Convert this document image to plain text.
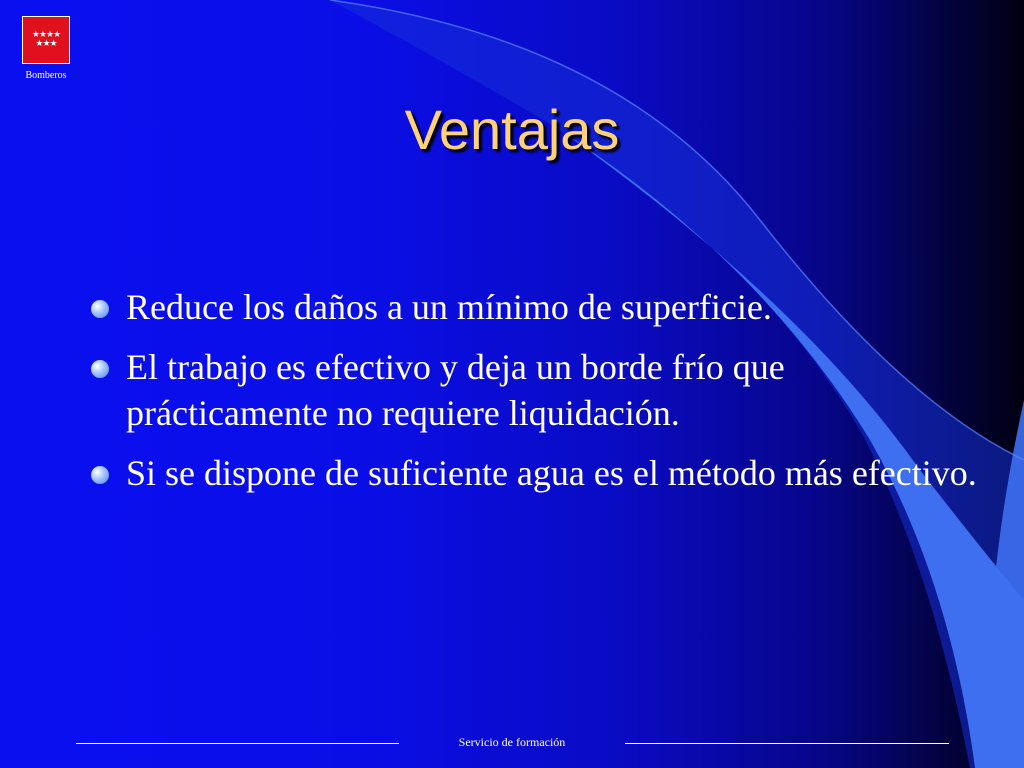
★★★★
★★★
Bomberos
Ventajas
Reduce los daños a un mínimo de superficie.
El trabajo es efectivo y deja un borde frío que prácticamente no requiere liquidación.
Si se dispone de suficiente agua es el método más efectivo.
Servicio de formación
